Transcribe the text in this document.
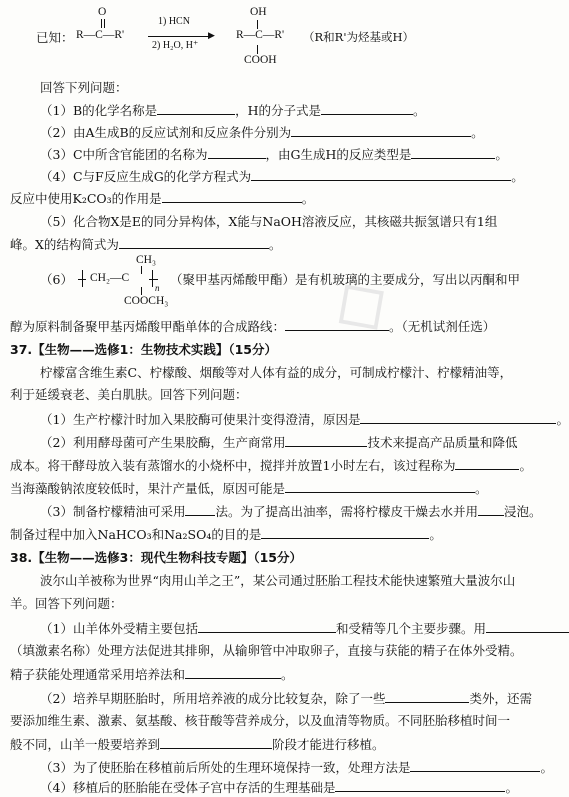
◇
已知：
O
R—C—R'
1) HCN
▶
2) H₂O, H⁺
OH
R—C—R'
COOH
（R和R'为烃基或H）
回答下列问题：
（1）B的化学名称是	，H的分子式是	。
（2）由A生成B的反应试剂和反应条件分别为	。
（3）C中所含官能团的名称为	，由G生成H的反应类型是	。
（4）C与F反应生成G的化学方程式为	。
反应中使用K₂CO₃的作用是	。
（5）化合物X是E的同分异构体，X能与NaOH溶液反应，其核磁共振氢谱只有1组
峰。X的结构简式为	。
（6）
CH₃
CH₂—C
n
COOCH₃
（聚甲基丙烯酸甲酯）是有机玻璃的主要成分，写出以丙酮和甲
醇为原料制备聚甲基丙烯酸甲酯单体的合成路线：	。（无机试剂任选）
37.【生物——选修1：生物技术实践】（15分）
柠檬富含维生素C、柠檬酸、烟酸等对人体有益的成分，可制成柠檬汁、柠檬精油等，
利于延缓衰老、美白肌肤。回答下列问题：
（1）生产柠檬汁时加入果胶酶可使果汁变得澄清，原因是	。
（2）利用酵母菌可产生果胶酶，生产商常用	技术来提高产品质量和降低
成本。将干酵母放入装有蒸馏水的小烧杯中，搅拌并放置1小时左右，该过程称为	。
当海藻酸钠浓度较低时，果汁产量低，原因可能是	。
（3）制备柠檬精油可采用 法。为了提高出油率，需将柠檬皮干燥去水并用 浸泡。
制备过程中加入NaHCO₃和Na₂SO₄的目的是	。
38.【生物——选修3：现代生物科技专题】（15分）
波尔山羊被称为世界“肉用山羊之王”，某公司通过胚胎工程技术能快速繁殖大量波尔山
羊。回答下列问题：
（1）山羊体外受精主要包括	和受精等几个主要步骤。用
（填激素名称）处理方法促进其排卵，从输卵管中冲取卵子，直接与获能的精子在体外受精。
精子获能处理通常采用培养法和	。
（2）培养早期胚胎时，所用培养液的成分比较复杂，除了一些	类外，还需
要添加维生素、激素、氨基酸、核苷酸等营养成分，以及血清等物质。不同胚胎移植时间一
般不同，山羊一般要培养到	阶段才能进行移植。
（3）为了使胚胎在移植前后所处的生理环境保持一致，处理方法是	。
（4）移植后的胚胎能在受体子宫中存活的生理基础是	。
